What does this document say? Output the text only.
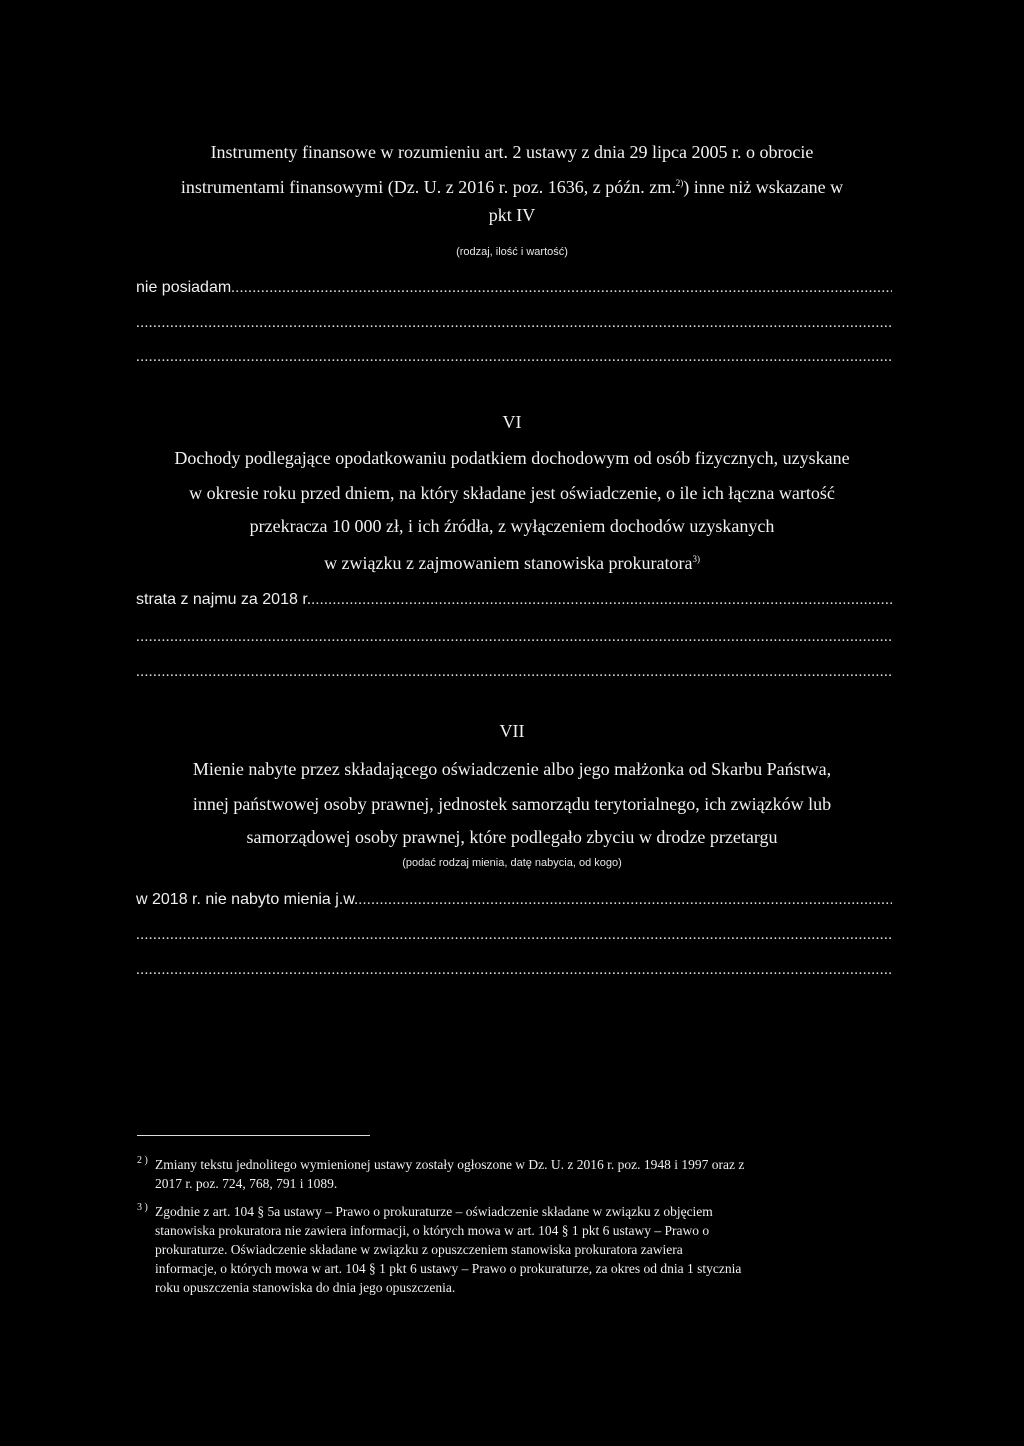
Instrumenty finansowe w rozumieniu art. 2 ustawy z dnia 29 lipca 2005 r. o obrocie
instrumentami finansowymi (Dz. U. z 2016 r. poz. 1636, z późn. zm.$^{2)}$) inne niż wskazane w
pkt IV
(rodzaj, ilość i wartość)
nie posiadam .....
.....
.....
VI
Dochody podlegające opodatkowaniu podatkiem dochodowym od osób fizycznych, uzyskane
w okresie roku przed dniem, na który składane jest oświadczenie, o ile ich łączna wartość
przekracza 10 000 zł, i ich źródła, z wyłączeniem dochodów uzyskanych
w związku z zajmowaniem stanowiska prokuratora$^{3)}$
strata z najmu za 2018 r. .....
.....
.....
VII
Mienie nabyte przez składającego oświadczenie albo jego małżonka od Skarbu Państwa,
innej państwowej osoby prawnej, jednostek samorządu terytorialnego, ich związków lub
samorządowej osoby prawnej, które podlegało zbyciu w drodze przetargu
(podać rodzaj mienia, datę nabycia, od kogo)
w 2018 r. nie nabyto mienia j.w. .....
.....
.....
2 ) Zmiany tekstu jednolitego wymienionej ustawy zostały ogłoszone w Dz. U. z 2016 r. poz. 1948 i 1997 oraz z
2017 r. poz. 724, 768, 791 i 1089.
3 ) Zgodnie z art. 104 § 5a ustawy – Prawo o prokuraturze – oświadczenie składane w związku z objęciem
stanowiska prokuratora nie zawiera informacji, o których mowa w art. 104 § 1 pkt 6 ustawy – Prawo o
prokuraturze. Oświadczenie składane w związku z opuszczeniem stanowiska prokuratora zawiera
informacje, o których mowa w art. 104 § 1 pkt 6 ustawy – Prawo o prokuraturze, za okres od dnia 1 stycznia
roku opuszczenia stanowiska do dnia jego opuszczenia.
